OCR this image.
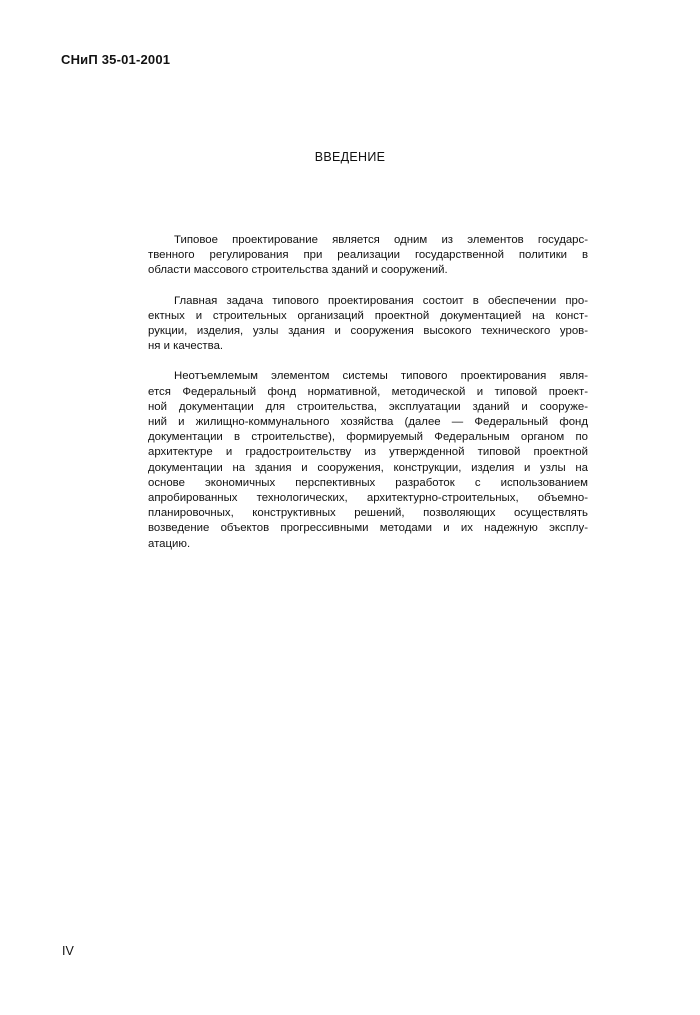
СНиП 35-01-2001
ВВЕДЕНИЕ

Типовое проектирование является одним из элементов государс-
твенного регулирования при реализации государственной политики в
области массового строительства зданий и сооружений.

Главная задача типового проектирования состоит в обеспечении про-
ектных и строительных организаций проектной документацией на конст-
рукции, изделия, узлы здания и сооружения высокого технического уров-
ня и качества.

Неотъемлемым элементом системы типового проектирования явля-
ется Федеральный фонд нормативной, методической и типовой проект-
ной документации для строительства, эксплуатации зданий и сооруже-
ний и жилищно-коммунального хозяйства (далее — Федеральный фонд
документации в строительстве), формируемый Федеральным органом по
архитектуре и градостроительству из утвержденной типовой проектной
документации на здания и сооружения, конструкции, изделия и узлы на
основе экономичных перспективных разработок с использованием
апробированных технологических, архитектурно-строительных, объемно-
планировочных, конструктивных решений, позволяющих осуществлять
возведение объектов прогрессивными методами и их надежную эксплу-
атацию.

IV
